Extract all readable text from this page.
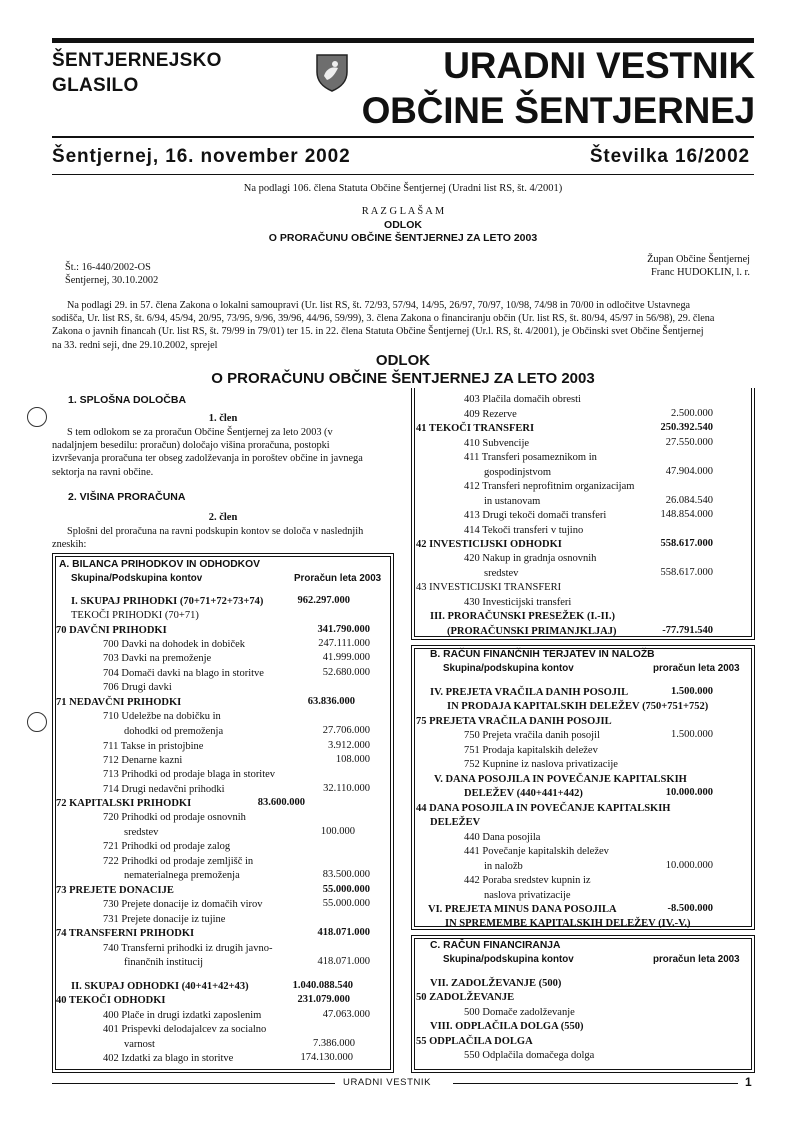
ŠENTJERNEJSKO
GLASILO	URADNI VESTNIK
OBČINE ŠENTJERNEJ
Šentjernej, 16. november 2002	Številka 16/2002
Na podlagi 106. člena Statuta Občine Šentjernej (Uradni list RS, št. 4/2001)
R A Z G L A Š A M
ODLOK
O PRORAČUNU OBČINE ŠENTJERNEJ ZA LETO 2003
Št.: 16-440/2002-OS
Šentjernej, 30.10.2002
Župan Občine Šentjernej
Franc HUDOKLIN, l. r.
Na podlagi 29. in 57. člena Zakona o lokalni samoupravi (Ur. list RS, št. 72/93, 57/94, 14/95, 26/97, 70/97, 10/98, 74/98 in 70/00 in odločitve Ustavnega
sodišča, Ur. list RS, št. 6/94, 45/94, 20/95, 73/95, 9/96, 39/96, 44/96, 59/99), 3. člena Zakona o financiranju občin (Ur. list RS, št. 80/94, 45/97 in 56/98), 29. člena
Zakona o javnih financah (Ur. list RS, št. 79/99 in 79/01) ter 15. in 22. člena Statuta Občine Šentjernej (Ur.l. RS, št. 4/2001), je Občinski svet Občine Šentjernej
na 33. redni seji, dne 29.10.2002, sprejel
ODLOK
O PRORAČUNU OBČINE ŠENTJERNEJ ZA LETO 2003
1. SPLOŠNA DOLOČBA
1. člen
S tem odlokom se za proračun Občine Šentjernej za leto 2003 (v
nadaljnjem besedilu: proračun) določajo višina proračuna, postopki
izvrševanja proračuna ter obseg zadolževanja in poroštev občine in javnega
sektorja na ravni občine.
2. VIŠINA PRORAČUNA
2. člen
Splošni del proračuna na ravni podskupin kontov se določa v naslednjih
zneskih:
A. BILANCA PRIHODKOV IN ODHODKOV
Skupina/Podskupina kontov	Proračun leta 2003
I. SKUPAJ PRIHODKI (70+71+72+73+74)	962.297.000
TEKOČI PRIHODKI (70+71)
70 DAVČNI PRIHODKI	341.790.000
700 Davki na dohodek in dobiček	247.111.000
703 Davki na premoženje	41.999.000
704 Domači davki na blago in storitve	52.680.000
706 Drugi davki
71 NEDAVČNI PRIHODKI	63.836.000
710 Udeležbe na dobičku in
dohodki od premoženja	27.706.000
711 Takse in pristojbine	3.912.000
712 Denarne kazni	108.000
713 Prihodki od prodaje blaga in storitev
714 Drugi nedavčni prihodki	32.110.000
72 KAPITALSKI PRIHODKI	83.600.000
720 Prihodki od prodaje osnovnih
sredstev	100.000
721 Prihodki od prodaje zalog
722 Prihodki od prodaje zemljišč in
nematerialnega premoženja	83.500.000
73 PREJETE DONACIJE	55.000.000
730 Prejete donacije iz domačih virov	55.000.000
731 Prejete donacije iz tujine
74 TRANSFERNI PRIHODKI	418.071.000
740 Transferni prihodki iz drugih javno-
finančnih institucij	418.071.000
II. SKUPAJ ODHODKI (40+41+42+43)	1.040.088.540
40 TEKOČI ODHODKI	231.079.000
400 Plače in drugi izdatki zaposlenim	47.063.000
401 Prispevki delodajalcev za socialno
varnost	7.386.000
402 Izdatki za blago in storitve	174.130.000
403 Plačila domačih obresti
409 Rezerve	2.500.000
41 TEKOČI TRANSFERI	250.392.540
410 Subvencije	27.550.000
411 Transferi posameznikom in
gospodinjstvom	47.904.000
412 Transferi neprofitnim organizacijam
in ustanovam	26.084.540
413 Drugi tekoči domači transferi	148.854.000
414 Tekoči transferi v tujino
42 INVESTICIJSKI ODHODKI	558.617.000
420 Nakup in gradnja osnovnih
sredstev	558.617.000
43 INVESTICIJSKI TRANSFERI
430 Investicijski transferi
III. PRORAČUNSKI PRESEŽEK (I.-II.)
(PRORAČUNSKI PRIMANJKLJAJ)	-77.791.540
B. RAČUN FINANČNIH TERJATEV IN NALOŽB
Skupina/podskupina kontov	proračun leta 2003
IV. PREJETA VRAČILA DANIH POSOJIL	1.500.000
IN PRODAJA KAPITALSKIH DELEŽEV (750+751+752)
75 PREJETA VRAČILA DANIH POSOJIL
750 Prejeta vračila danih posojil	1.500.000
751 Prodaja kapitalskih deležev
752 Kupnine iz naslova privatizacije
V. DANA POSOJILA IN POVEČANJE KAPITALSKIH
DELEŽEV (440+441+442)	10.000.000
44 DANA POSOJILA IN POVEČANJE KAPITALSKIH
DELEŽEV
440 Dana posojila
441 Povečanje kapitalskih deležev
in naložb	10.000.000
442 Poraba sredstev kupnin iz
naslova privatizacije
VI. PREJETA MINUS DANA POSOJILA	-8.500.000
IN SPREMEMBE KAPITALSKIH DELEŽEV (IV.-V.)
C. RAČUN FINANCIRANJA
Skupina/podskupina kontov	proračun leta 2003
VII. ZADOLŽEVANJE (500)
50 ZADOLŽEVANJE
500 Domače zadolževanje
VIII. ODPLAČILA DOLGA (550)
55 ODPLAČILA DOLGA
550 Odplačila domačega dolga
URADNI VESTNIK	1
